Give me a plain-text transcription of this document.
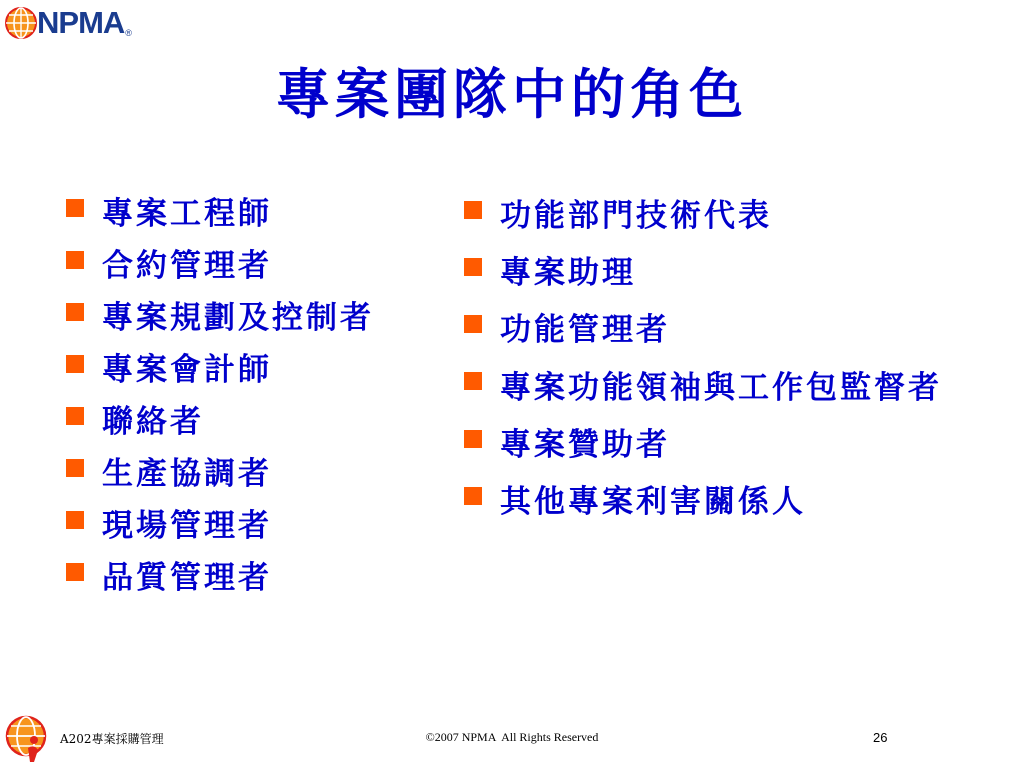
NPMA ®
專案團隊中的角色
專案工程師
合約管理者
專案規劃及控制者
專案會計師
聯絡者
生產協調者
現場管理者
品質管理者
功能部門技術代表
專案助理
功能管理者
專案功能領袖與工作包監督者
專案贊助者
其他專案利害關係人
A202專案採購管理	©2007 NPMA  All Rights Reserved	26
